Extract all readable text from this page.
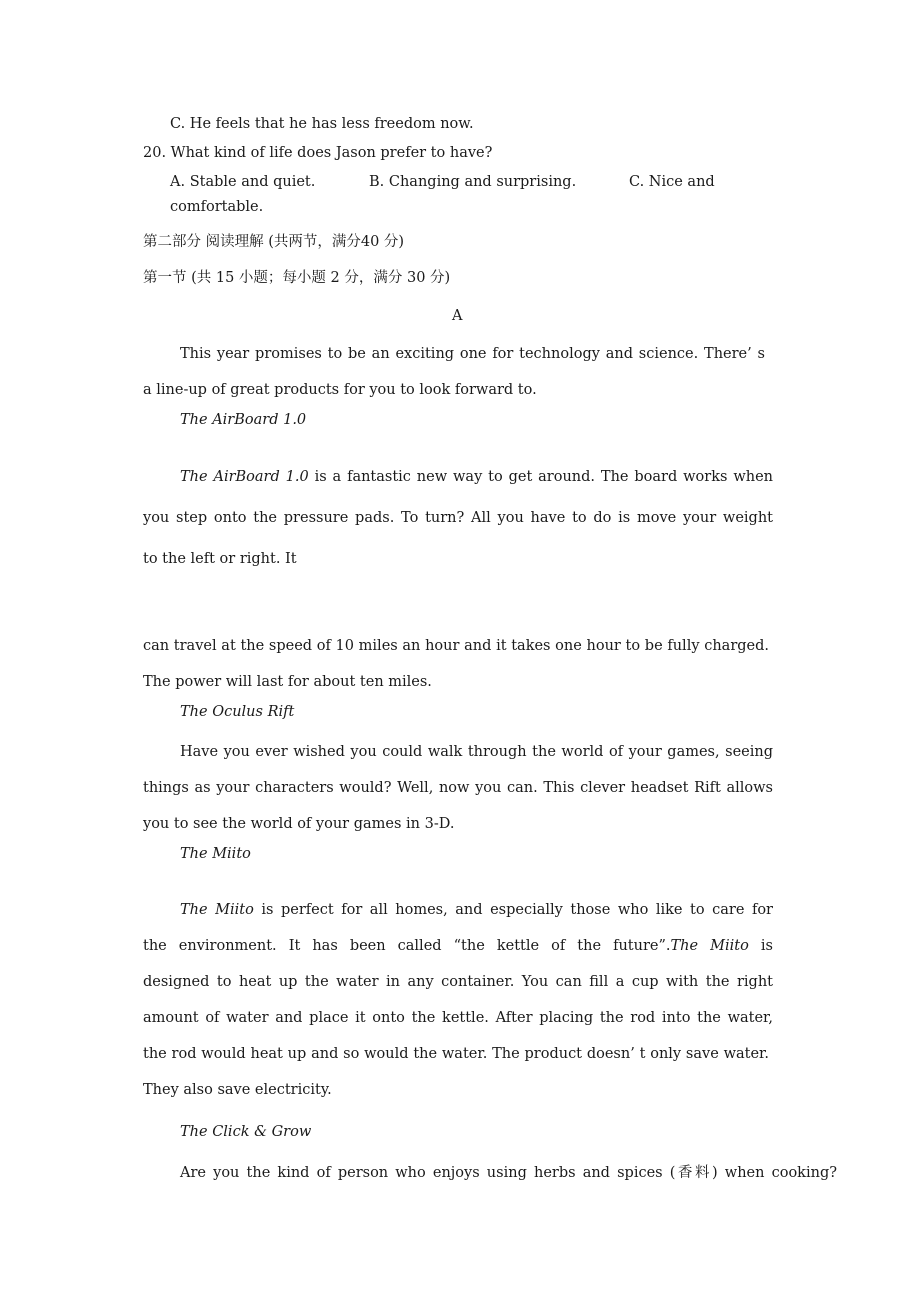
C. He feels that he has less freedom now.
20. What kind of life does Jason prefer to have?
A. Stable and quiet.	B. Changing and surprising.	C. Nice and
comfortable.
第二部分 阅读理解 (共两节，满分40 分)
第一节 (共 15 小题；每小题 2 分，满分 30 分)
A
This year promises to be an exciting one for technology and science. There’ s
a line-up of great products for you to look forward to.
The AirBoard 1.0
The AirBoard 1.0 is a fantastic new way to get around. The board works when
you step onto the pressure pads. To turn? All you have to do is move your weight
to the left or right. It
can travel at the speed of 10 miles an hour and it takes one hour to be fully charged.
The power will last for about ten miles.
The Oculus Rift
Have you ever wished you could walk through the world of your games, seeing
things as your characters would? Well, now you can. This clever headset Rift allows
you to see the world of your games in 3-D.
The Miito
The Miito is perfect for all homes, and especially those who like to care for
the environment. It has been called “the kettle of the future”.The Miito is
designed to heat up the water in any container. You can fill a cup with the right
amount of water and place it onto the kettle. After placing the rod into the water,
the rod would heat up and so would the water. The product doesn’ t only save water.
They also save electricity.
The Click & Grow
Are you the kind of person who enjoys using herbs and spices (香料) when cooking?
